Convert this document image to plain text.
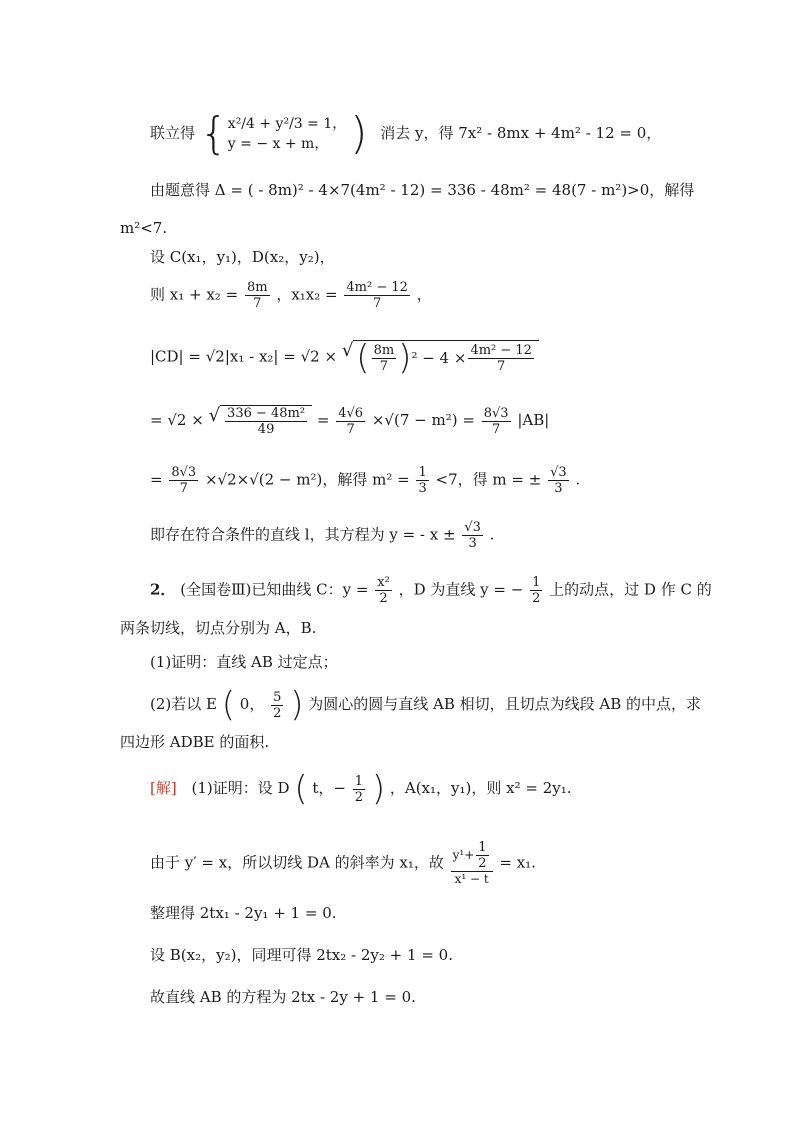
联立得 { x²/4 + y²/3 = 1，
y = − x + m， ) 消去 y，得 7x² - 8mx + 4m² - 12 = 0，
由题意得 Δ = ( - 8m)² - 4×7(4m² - 12) = 336 - 48m² = 48(7 - m²)>0，解得
m²<7.
设 C(x₁，y₁)，D(x₂，y₂)，
则 $x_1 + x_2 = \frac{8m}{7}$ ，$x_1x_2 = \frac{\text{4m² − 12}}{7}$ ，
|CD| = √2|x₁ - x₂| = √2 × √ ( $\frac{8m}{7}$ ) $^2 - 4 \times \frac{\text{4m² − 12}}{7}$
= √2 × √ $\frac{\text{336 − 48m²}}{49} = \frac{4√6}{7} \times√(7 - m^2) = \frac{8√3}{7} |AB|$
= $\frac{8√3}{7} \times√2\times√(2 - m^2)$，解得 $m^2 = \frac{1}{3} <7$，得 m = ± $\frac{√3}{3}$ .
即存在符合条件的直线 l，其方程为 y = - $x \pm \frac{√3}{3}$ .
2． (全国卷Ⅲ)已知曲线 C：$y = \frac{\text{x²}}{2}$ ，D 为直线 y = − $\frac{1}{2}$ 上的动点，过 D 作 C 的
两条切线，切点分别为 A，B.
(1)证明：直线 AB 过定点；
(2)若以 E ( 0， $\frac{5}{2}$ ) 为圆心的圆与直线 AB 相切，且切点为线段 AB 的中点，求
四边形 ADBE 的面积.
[解] (1)证明：设 D ( t，− $\frac{1}{2}$ ) ，A(x₁，y₁)，则 x² = 2y₁.
由于 y′ = x，所以切线 DA 的斜率为 x₁，故 $\frac{y^1+ \frac{1}{2}}{\text{x¹ − t}} = x_1$.
整理得 2tx₁ - 2y₁ + 1 = 0.
设 B(x₂，y₂)，同理可得 2tx₂ - 2y₂ + 1 = 0.
故直线 AB 的方程为 2tx - 2y + 1 = 0.
